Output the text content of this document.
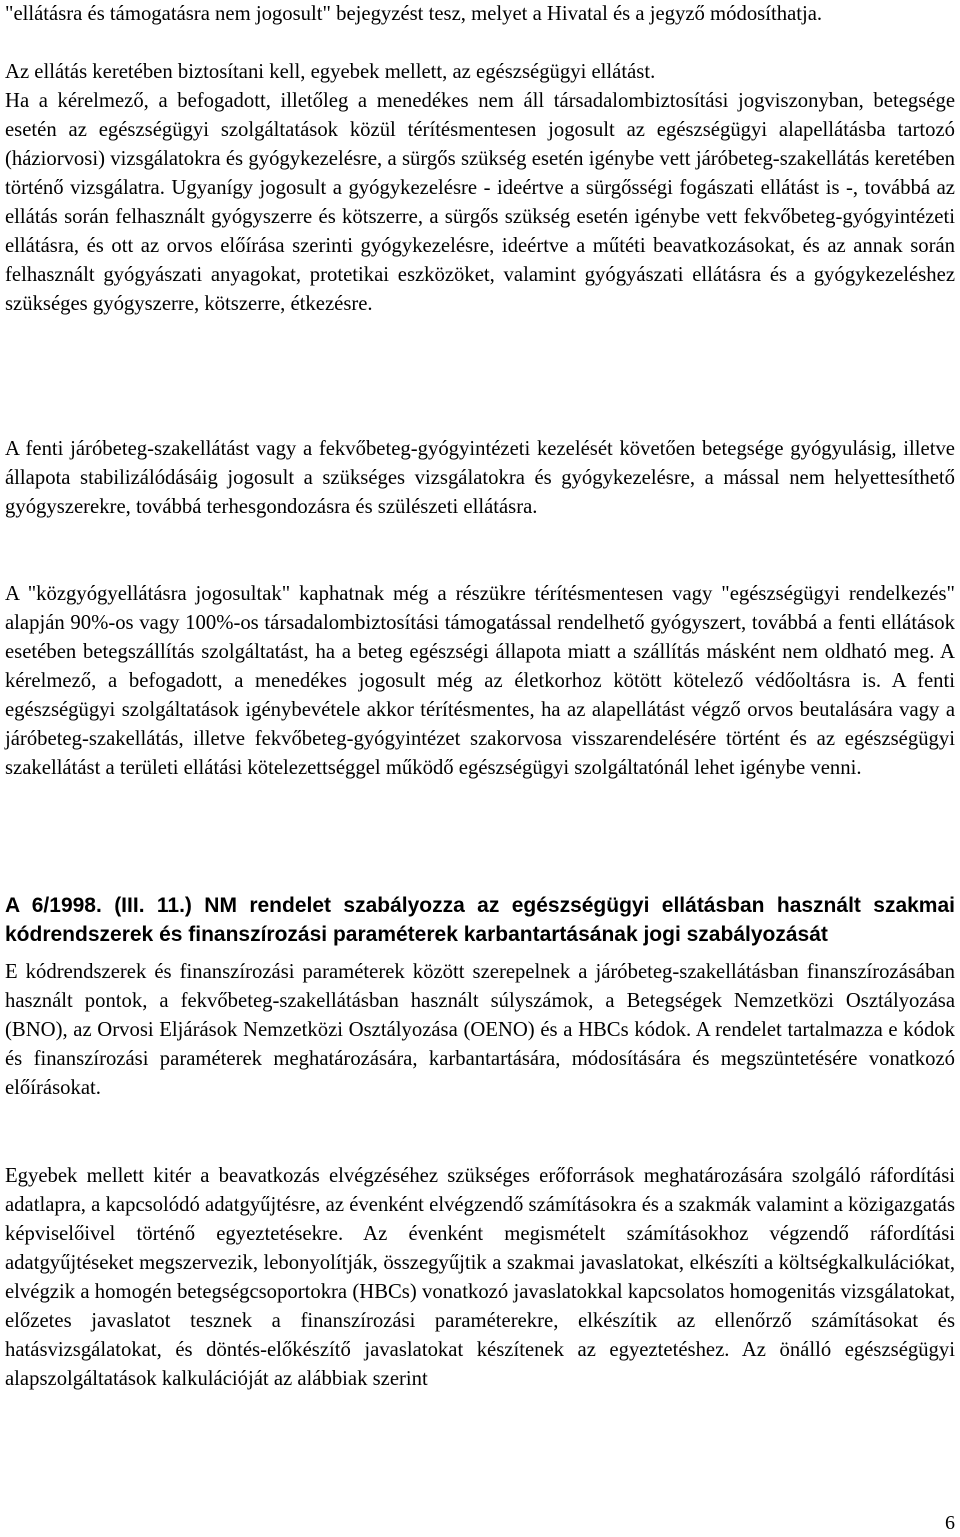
"ellátásra és támogatásra nem jogosult" bejegyzést tesz, melyet a Hivatal és a jegyző módosíthatja.

Az ellátás keretében biztosítani kell, egyebek mellett, az egészségügyi ellátást.

Ha a kérelmező, a befogadott, illetőleg a menedékes nem áll társadalombiztosítási jogviszonyban, betegsége esetén az egészségügyi szolgáltatások közül térítésmentesen jogosult az egészségügyi alapellátásba tartozó (háziorvosi) vizsgálatokra és gyógykezelésre, a sürgős szükség esetén igénybe vett járóbeteg-szakellátás keretében történő vizsgálatra. Ugyanígy jogosult a gyógykezelésre - ideértve a sürgősségi fogászati ellátást is -, továbbá az ellátás során felhasznált gyógyszerre és kötszerre, a sürgős szükség esetén igénybe vett fekvőbeteg-gyógyintézeti ellátásra, és ott az orvos előírása szerinti gyógykezelésre, ideértve a műtéti beavatkozásokat, és az annak során felhasznált gyógyászati anyagokat, protetikai eszközöket, valamint gyógyászati ellátásra és a gyógykezeléshez szükséges gyógyszerre, kötszerre, étkezésre.

A fenti járóbeteg-szakellátást vagy a fekvőbeteg-gyógyintézeti kezelését követően betegsége gyógyulásig, illetve állapota stabilizálódásáig jogosult a szükséges vizsgálatokra és gyógykezelésre, a mással nem helyettesíthető gyógyszerekre, továbbá terhesgondozásra és szülészeti ellátásra.

A "közgyógyellátásra jogosultak" kaphatnak még a részükre térítésmentesen vagy "egészségügyi rendelkezés" alapján 90%-os vagy 100%-os társadalombiztosítási támogatással rendelhető gyógyszert, továbbá a fenti ellátások esetében betegszállítás szolgáltatást, ha a beteg egészségi állapota miatt a szállítás másként nem oldható meg. A kérelmező, a befogadott, a menedékes jogosult még az életkorhoz kötött kötelező védőoltásra is. A fenti egészségügyi szolgáltatások igénybevétele akkor térítésmentes, ha az alapellátást végző orvos beutalására vagy a járóbeteg-szakellátás, illetve fekvőbeteg-gyógyintézet szakorvosa visszarendelésére történt és az egészségügyi szakellátást a területi ellátási kötelezettséggel működő egészségügyi szolgáltatónál lehet igénybe venni.

A 6/1998. (III. 11.) NM rendelet szabályozza az egészségügyi ellátásban használt szakmai kódrendszerek és finanszírozási paraméterek karbantartásának jogi szabályozását

E kódrendszerek és finanszírozási paraméterek között szerepelnek a járóbeteg-szakellátásban finanszírozásában használt pontok, a fekvőbeteg-szakellátásban használt súlyszámok, a Betegségek Nemzetközi Osztályozása (BNO), az Orvosi Eljárások Nemzetközi Osztályozása (OENO) és a HBCs kódok. A rendelet tartalmazza e kódok és finanszírozási paraméterek meghatározására, karbantartására, módosítására és megszüntetésére vonatkozó előírásokat.

Egyebek mellett kitér a beavatkozás elvégzéséhez szükséges erőforrások meghatározására szolgáló ráfordítási adatlapra, a kapcsolódó adatgyűjtésre, az évenként elvégzendő számításokra és a szakmák valamint a közigazgatás képviselőivel történő egyeztetésekre. Az évenként megismételt számításokhoz végzendő ráfordítási adatgyűjtéseket megszervezik, lebonyolítják, összegyűjtik a szakmai javaslatokat, elkészíti a költségkalkulációkat, elvégzik a homogén betegségcsoportokra (HBCs) vonatkozó javaslatokkal kapcsolatos homogenitás vizsgálatokat, előzetes javaslatot tesznek a finanszírozási paraméterekre, elkészítik az ellenőrző számításokat és hatásvizsgálatokat, és döntés-előkészítő javaslatokat készítenek az egyeztetéshez. Az önálló egészségügyi alapszolgáltatások kalkulációját az alábbiak szerint

6
